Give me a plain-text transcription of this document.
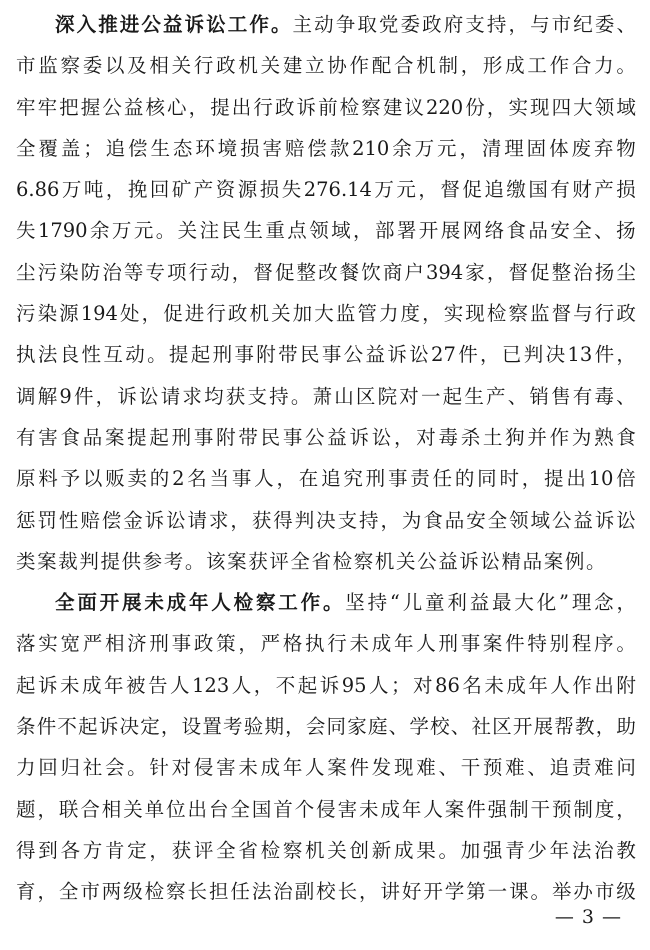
深 入 推 进 公 益 诉 讼 工 作 。 主 动 争 取 党 委 政 府 支 持 ， 与 市 纪 委 、
市 监 察 委 以 及 相 关 行 政 机 关 建 立 协 作 配 合 机 制 ， 形 成 工 作 合 力 。
牢 牢 把 握 公 益 核 心 ， 提 出 行 政 诉 前 检 察 建 议 220 份 ， 实 现 四 大 领 域
全 覆 盖 ； 追 偿 生 态 环 境 损 害 赔 偿 款 210 余 万 元 ， 清 理 固 体 废 弃 物
6.86 万 吨 ， 挽 回 矿 产 资 源 损 失 276.14 万 元 ， 督 促 追 缴 国 有 财 产 损
失 1790 余 万 元 。 关 注 民 生 重 点 领 域 ， 部 署 开 展 网 络 食 品 安 全 、 扬
尘 污 染 防 治 等 专 项 行 动 ， 督 促 整 改 餐 饮 商 户 394 家 ， 督 促 整 治 扬 尘
污 染 源 194 处 ， 促 进 行 政 机 关 加 大 监 管 力 度 ， 实 现 检 察 监 督 与 行 政
执 法 良 性 互 动 。 提 起 刑 事 附 带 民 事 公 益 诉 讼 27 件 ， 已 判 决 13 件 ，
调 解 9 件 ， 诉 讼 请 求 均 获 支 持 。 萧 山 区 院 对 一 起 生 产 、 销 售 有 毒 、
有 害 食 品 案 提 起 刑 事 附 带 民 事 公 益 诉 讼 ， 对 毒 杀 土 狗 并 作 为 熟 食
原 料 予 以 贩 卖 的 2 名 当 事 人 ， 在 追 究 刑 事 责 任 的 同 时 ， 提 出 10 倍
惩 罚 性 赔 偿 金 诉 讼 请 求 ， 获 得 判 决 支 持 ， 为 食 品 安 全 领 域 公 益 诉 讼
类 案 裁 判 提 供 参 考 。 该 案 获 评 全 省 检 察 机 关 公 益 诉 讼 精 品 案 例 。
全 面 开 展 未 成 年 人 检 察 工 作 。 坚 持 “ 儿 童 利 益 最 大 化 ” 理 念 ，
落 实 宽 严 相 济 刑 事 政 策 ， 严 格 执 行 未 成 年 人 刑 事 案 件 特 别 程 序 。
起 诉 未 成 年 被 告 人 123 人 ， 不 起 诉 95 人 ； 对 86 名 未 成 年 人 作 出 附
条 件 不 起 诉 决 定 ， 设 置 考 验 期 ， 会 同 家 庭 、 学 校 、 社 区 开 展 帮 教 ， 助
力 回 归 社 会 。 针 对 侵 害 未 成 年 人 案 件 发 现 难 、 干 预 难 、 追 责 难 问
题 ， 联 合 相 关 单 位 出 台 全 国 首 个 侵 害 未 成 年 人 案 件 强 制 干 预 制 度 ，
得 到 各 方 肯 定 ， 获 评 全 省 检 察 机 关 创 新 成 果 。 加 强 青 少 年 法 治 教
育 ， 全 市 两 级 检 察 长 担 任 法 治 副 校 长 ， 讲 好 开 学 第 一 课 。 举 办 市 级
— 3 —
